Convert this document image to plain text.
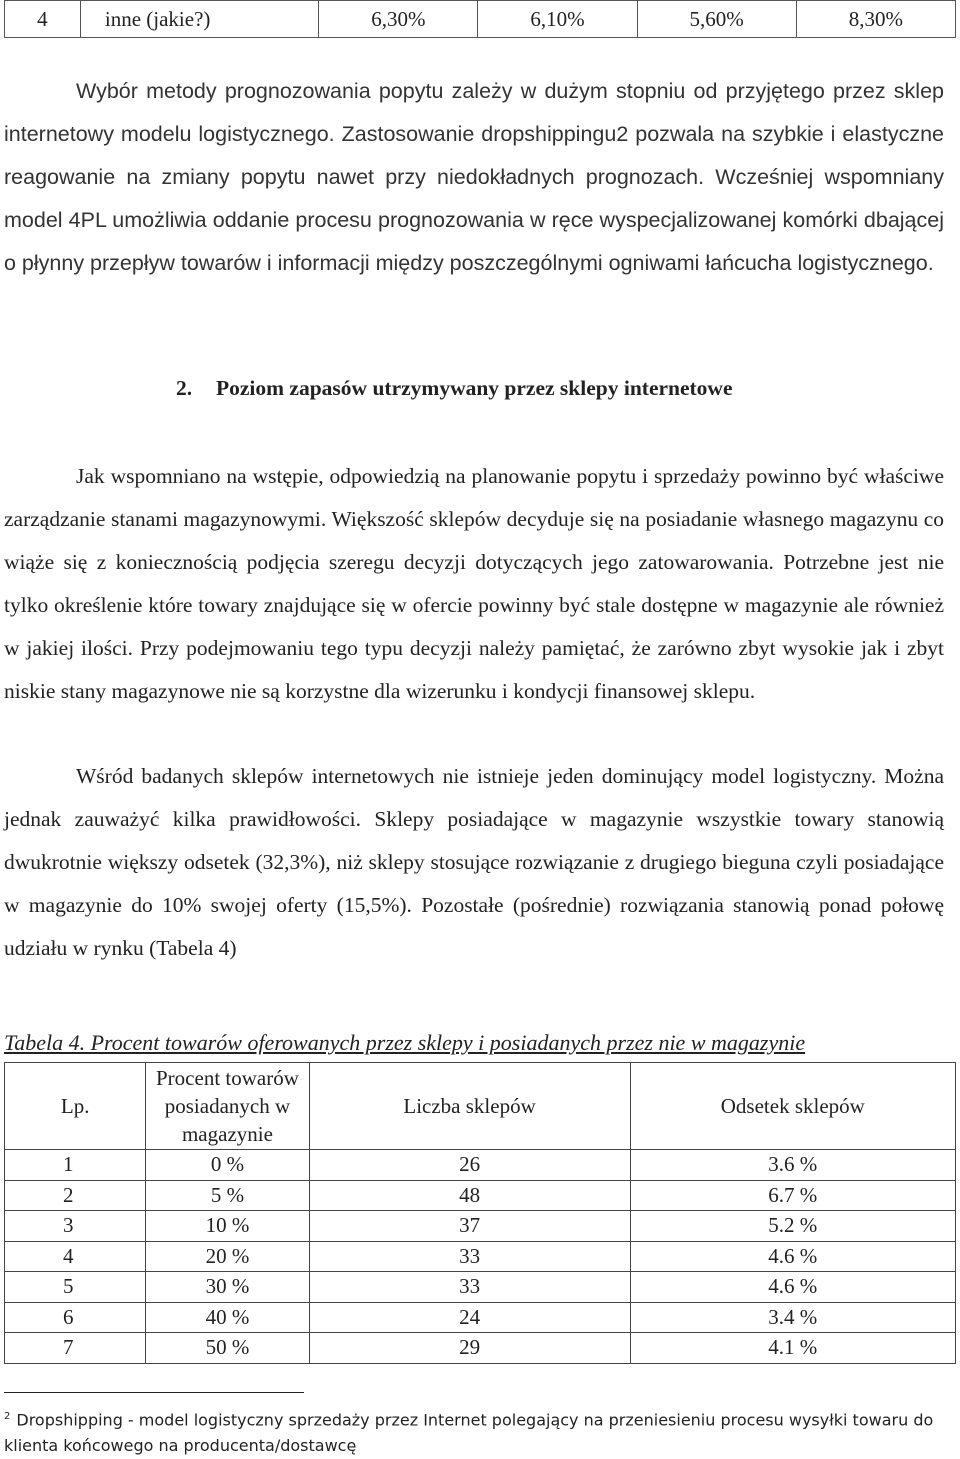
4	inne (jakie?)	6,30%	6,10%	5,60%	8,30%
Wybór metody prognozowania popytu zależy w dużym stopniu od przyjętego przez sklep internetowy modelu logistycznego. Zastosowanie dropshippingu2 pozwala na szybkie i elastyczne reagowanie na zmiany popytu nawet przy niedokładnych prognozach. Wcześniej wspomniany model 4PL umożliwia oddanie procesu prognozowania w ręce wyspecjalizowanej komórki dbającej o płynny przepływ towarów i informacji między poszczególnymi ogniwami łańcucha logistycznego.
2. Poziom zapasów utrzymywany przez sklepy internetowe
Jak wspomniano na wstępie, odpowiedzią na planowanie popytu i sprzedaży powinno być właściwe zarządzanie stanami magazynowymi. Większość sklepów decyduje się na posiadanie własnego magazynu co wiąże się z koniecznością podjęcia szeregu decyzji dotyczących jego zatowarowania. Potrzebne jest nie tylko określenie które towary znajdujące się w ofercie powinny być stale dostępne w magazynie ale również w jakiej ilości. Przy podejmowaniu tego typu decyzji należy pamiętać, że zarówno zbyt wysokie jak i zbyt niskie stany magazynowe nie są korzystne dla wizerunku i kondycji finansowej sklepu.
Wśród badanych sklepów internetowych nie istnieje jeden dominujący model logistyczny. Można jednak zauważyć kilka prawidłowości. Sklepy posiadające w magazynie wszystkie towary stanowią dwukrotnie większy odsetek (32,3%), niż sklepy stosujące rozwiązanie z drugiego bieguna czyli posiadające w magazynie do 10% swojej oferty (15,5%). Pozostałe (pośrednie) rozwiązania stanowią ponad połowę udziału w rynku (Tabela 4)
Tabela 4. Procent towarów oferowanych przez sklepy i posiadanych przez nie w magazynie
Lp.	Procent towarów posiadanych w magazynie	Liczba sklepów	Odsetek sklepów
1	0 %	26	3.6 %
2	5 %	48	6.7 %
3	10 %	37	5.2 %
4	20 %	33	4.6 %
5	30 %	33	4.6 %
6	40 %	24	3.4 %
7	50 %	29	4.1 %
$^2$ Dropshipping - model logistyczny sprzedaży przez Internet polegający na przeniesieniu procesu wysyłki towaru do klienta końcowego na producenta/dostawcę
